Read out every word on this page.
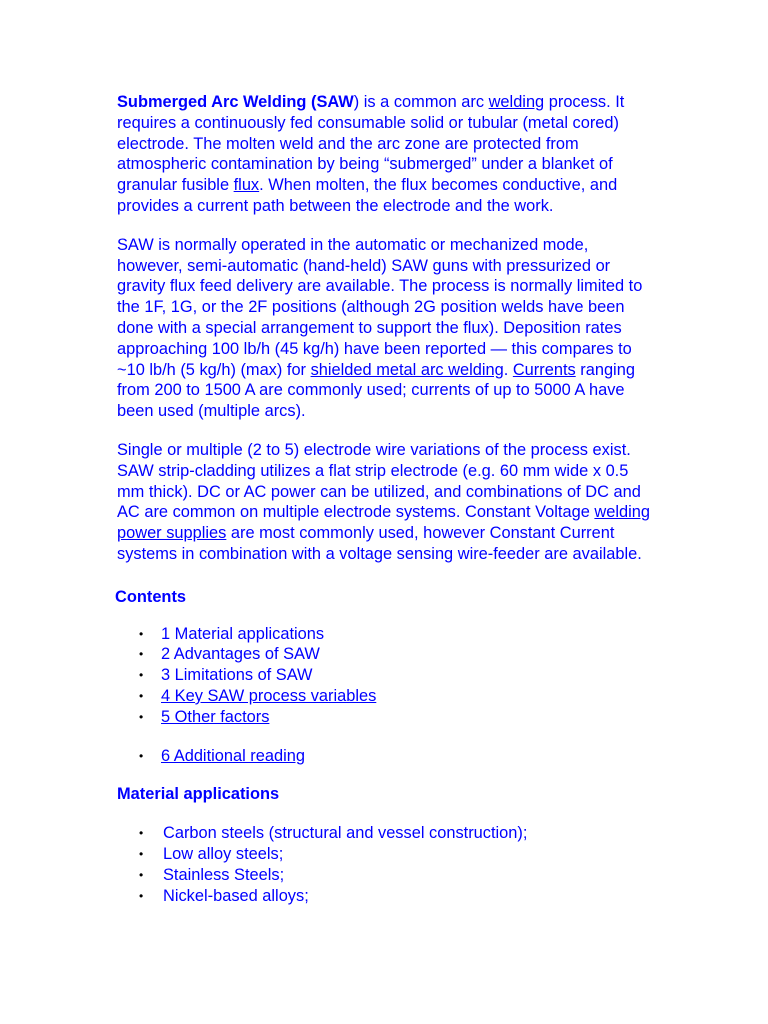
Submerged Arc Welding (SAW) is a common arc welding process. It requires a continuously fed consumable solid or tubular (metal cored) electrode. The molten weld and the arc zone are protected from atmospheric contamination by being “submerged” under a blanket of granular fusible flux. When molten, the flux becomes conductive, and provides a current path between the electrode and the work.

SAW is normally operated in the automatic or mechanized mode, however, semi-automatic (hand-held) SAW guns with pressurized or gravity flux feed delivery are available. The process is normally limited to the 1F, 1G, or the 2F positions (although 2G position welds have been done with a special arrangement to support the flux). Deposition rates approaching 100 lb/h (45 kg/h) have been reported — this compares to ~10 lb/h (5 kg/h) (max) for shielded metal arc welding. Currents ranging from 200 to 1500 A are commonly used; currents of up to 5000 A have been used (multiple arcs).

Single or multiple (2 to 5) electrode wire variations of the process exist. SAW strip-cladding utilizes a flat strip electrode (e.g. 60 mm wide x 0.5 mm thick). DC or AC power can be utilized, and combinations of DC and AC are common on multiple electrode systems. Constant Voltage welding power supplies are most commonly used, however Constant Current systems in combination with a voltage sensing wire-feeder are available.

Contents
• 1 Material applications
• 2 Advantages of SAW
• 3 Limitations of SAW
• 4 Key SAW process variables
• 5 Other factors
• 6 Additional reading
Material applications
• Carbon steels (structural and vessel construction);
• Low alloy steels;
• Stainless Steels;
• Nickel-based alloys;
